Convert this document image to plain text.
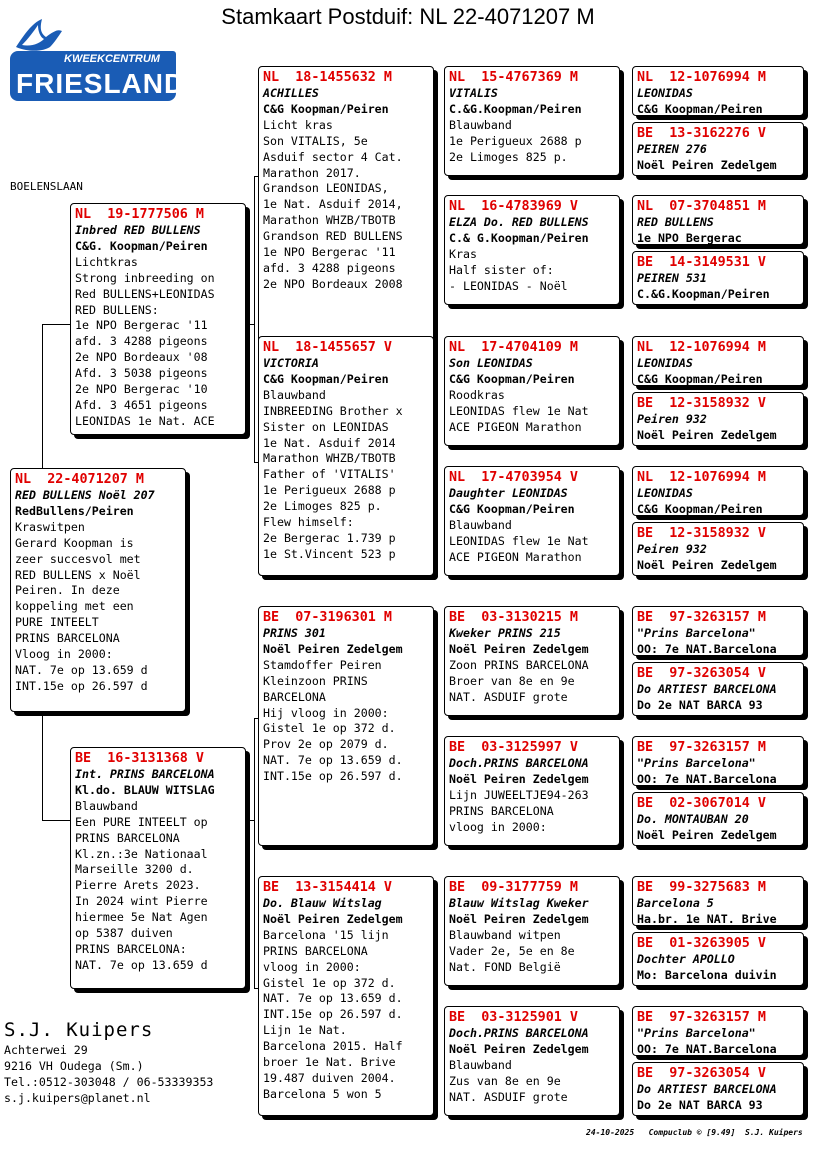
Stamkaart Postduif: NL 22-4071207 M
KWEEKCENTRUM
FRIESLAND
BOELENSLAAN
NL  22-4071207 M
RED BULLENS Noël 207
RedBullens/Peiren
Kraswitpen
Gerard Koopman is
zeer succesvol met
RED BULLENS x Noël
Peiren. In deze
koppeling met een
PURE INTEELT
PRINS BARCELONA
Vloog in 2000:
NAT. 7e op 13.659 d
INT.15e op 26.597 d
NL  19-1777506 M
Inbred RED BULLENS
C&G. Koopman/Peiren
Lichtkras
Strong inbreeding on
Red BULLENS+LEONIDAS
RED BULLENS:
1e NPO Bergerac '11
afd. 3 4288 pigeons
2e NPO Bordeaux '08
Afd. 3 5038 pigeons
2e NPO Bergerac '10
Afd. 3 4651 pigeons
LEONIDAS 1e Nat. ACE
BE  16-3131368 V
Int. PRINS BARCELONA
Kl.do. BLAUW WITSLAG
Blauwband
Een PURE INTEELT op
PRINS BARCELONA
Kl.zn.:3e Nationaal
Marseille 3200 d.
Pierre Arets 2023.
In 2024 wint Pierre
hiermee 5e Nat Agen
op 5387 duiven
PRINS BARCELONA:
NAT. 7e op 13.659 d
NL  18-1455632 M
ACHILLES
C&G Koopman/Peiren
Licht kras
Son VITALIS, 5e
Asduif sector 4 Cat.
Marathon 2017.
Grandson LEONIDAS,
1e Nat. Asduif 2014,
Marathon WHZB/TBOTB
Grandson RED BULLENS
1e NPO Bergerac '11
afd. 3 4288 pigeons
2e NPO Bordeaux 2008
NL  18-1455657 V
VICTORIA
C&G Koopman/Peiren
Blauwband
INBREEDING Brother x
Sister on LEONIDAS
1e Nat. Asduif 2014
Marathon WHZB/TBOTB
Father of 'VITALIS'
1e Perigueux 2688 p
2e Limoges 825 p.
Flew himself:
2e Bergerac 1.739 p
1e St.Vincent 523 p
BE  07-3196301 M
PRINS 301
Noël Peiren Zedelgem
Stamdoffer Peiren
Kleinzoon PRINS
BARCELONA
Hij vloog in 2000:
Gistel 1e op 372 d.
Prov 2e op 2079 d.
NAT. 7e op 13.659 d.
INT.15e op 26.597 d.
BE  13-3154414 V
Do. Blauw Witslag
Noël Peiren Zedelgem
Barcelona '15 lijn
PRINS BARCELONA
vloog in 2000:
Gistel 1e op 372 d.
NAT. 7e op 13.659 d.
INT.15e op 26.597 d.
Lijn 1e Nat.
Barcelona 2015. Half
broer 1e Nat. Brive
19.487 duiven 2004.
Barcelona 5 won 5
NL  15-4767369 M
VITALIS
C.&G.Koopman/Peiren
Blauwband
1e Perigueux 2688 p
2e Limoges 825 p.
NL  16-4783969 V
ELZA Do. RED BULLENS
C.& G.Koopman/Peiren
Kras
Half sister of:
- LEONIDAS - Noël
NL  17-4704109 M
Son LEONIDAS
C&G Koopman/Peiren
Roodkras
LEONIDAS flew 1e Nat
ACE PIGEON Marathon
NL  17-4703954 V
Daughter LEONIDAS
C&G Koopman/Peiren
Blauwband
LEONIDAS flew 1e Nat
ACE PIGEON Marathon
BE  03-3130215 M
Kweker PRINS 215
Noël Peiren Zedelgem
Zoon PRINS BARCELONA
Broer van 8e en 9e
NAT. ASDUIF grote
BE  03-3125997 V
Doch.PRINS BARCELONA
Noël Peiren Zedelgem
Lijn JUWEELTJE94-263
PRINS BARCELONA
vloog in 2000:
BE  09-3177759 M
Blauw Witslag Kweker
Noël Peiren Zedelgem
Blauwband witpen
Vader 2e, 5e en 8e
Nat. FOND België
BE  03-3125901 V
Doch.PRINS BARCELONA
Noël Peiren Zedelgem
Blauwband
Zus van 8e en 9e
NAT. ASDUIF grote
NL  12-1076994 M
LEONIDAS
C&G Koopman/Peiren
BE  13-3162276 V
PEIREN 276
Noël Peiren Zedelgem
NL  07-3704851 M
RED BULLENS
1e NPO Bergerac
BE  14-3149531 V
PEIREN 531
C.&G.Koopman/Peiren
NL  12-1076994 M
LEONIDAS
C&G Koopman/Peiren
BE  12-3158932 V
Peiren 932
Noël Peiren Zedelgem
NL  12-1076994 M
LEONIDAS
C&G Koopman/Peiren
BE  12-3158932 V
Peiren 932
Noël Peiren Zedelgem
BE  97-3263157 M
"Prins Barcelona"
OO: 7e NAT.Barcelona
BE  97-3263054 V
Do ARTIEST BARCELONA
Do 2e NAT BARCA 93
BE  97-3263157 M
"Prins Barcelona"
OO: 7e NAT.Barcelona
BE  02-3067014 V
Do. MONTAUBAN 20
Noël Peiren Zedelgem
BE  99-3275683 M
Barcelona 5
Ha.br. 1e NAT. Brive
BE  01-3263905 V
Dochter APOLLO
Mo: Barcelona duivin
BE  97-3263157 M
"Prins Barcelona"
OO: 7e NAT.Barcelona
BE  97-3263054 V
Do ARTIEST BARCELONA
Do 2e NAT BARCA 93
S.J. Kuipers
Achterwei 29
9216 VH Oudega (Sm.)
Tel.:0512-303048 / 06-53339353
s.j.kuipers@planet.nl
24-10-2025   Compuclub © [9.49]  S.J. Kuipers
